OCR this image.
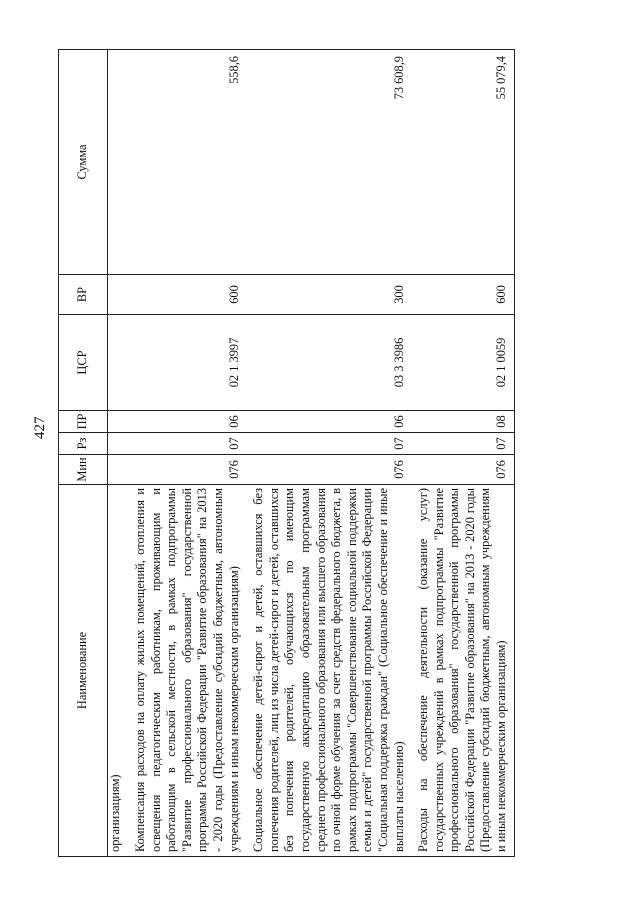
427
Наименование	Мин	Рз	ПР	ЦСР	ВР	Сумма
организациям)						
Компенсация расходов на оплату жилых помещений, отопления и освещения педагогическим работникам, проживающим и работающим в сельской местности, в рамках подпрограммы "Развитие профессионального образования" государственной программы Российской Федерации "Развитие образования" на 2013 - 2020 годы (Предоставление субсидий бюджетным, автономным учреждениям и иным некоммерческим организациям)	076	07	06	02 1 3997	600	558,6
Социальное обеспечение детей-сирот и детей, оставшихся без попечения родителей, лиц из числа детей-сирот и детей, оставшихся без попечения родителей, обучающихся по имеющим государственную аккредитацию образовательным программам среднего профессионального образования или высшего образования по очной форме обучения за счет средств федерального бюджета, в рамках подпрограммы "Совершенствование социальной поддержки семьи и детей" государственной программы Российской Федерации "Социальная поддержка граждан" (Социальное обеспечение и иные выплаты населению)	076	07	06	03 3 3986	300	73 608,9
Расходы на обеспечение деятельности (оказание услуг) государственных учреждений в рамках подпрограммы "Развитие профессионального образования" государственной программы Российской Федерации "Развитие образования" на 2013 - 2020 годы (Предоставление субсидий бюджетным, автономным учреждениям и иным некоммерческим организациям)	076	07	08	02 1 0059	600	55 079,4
